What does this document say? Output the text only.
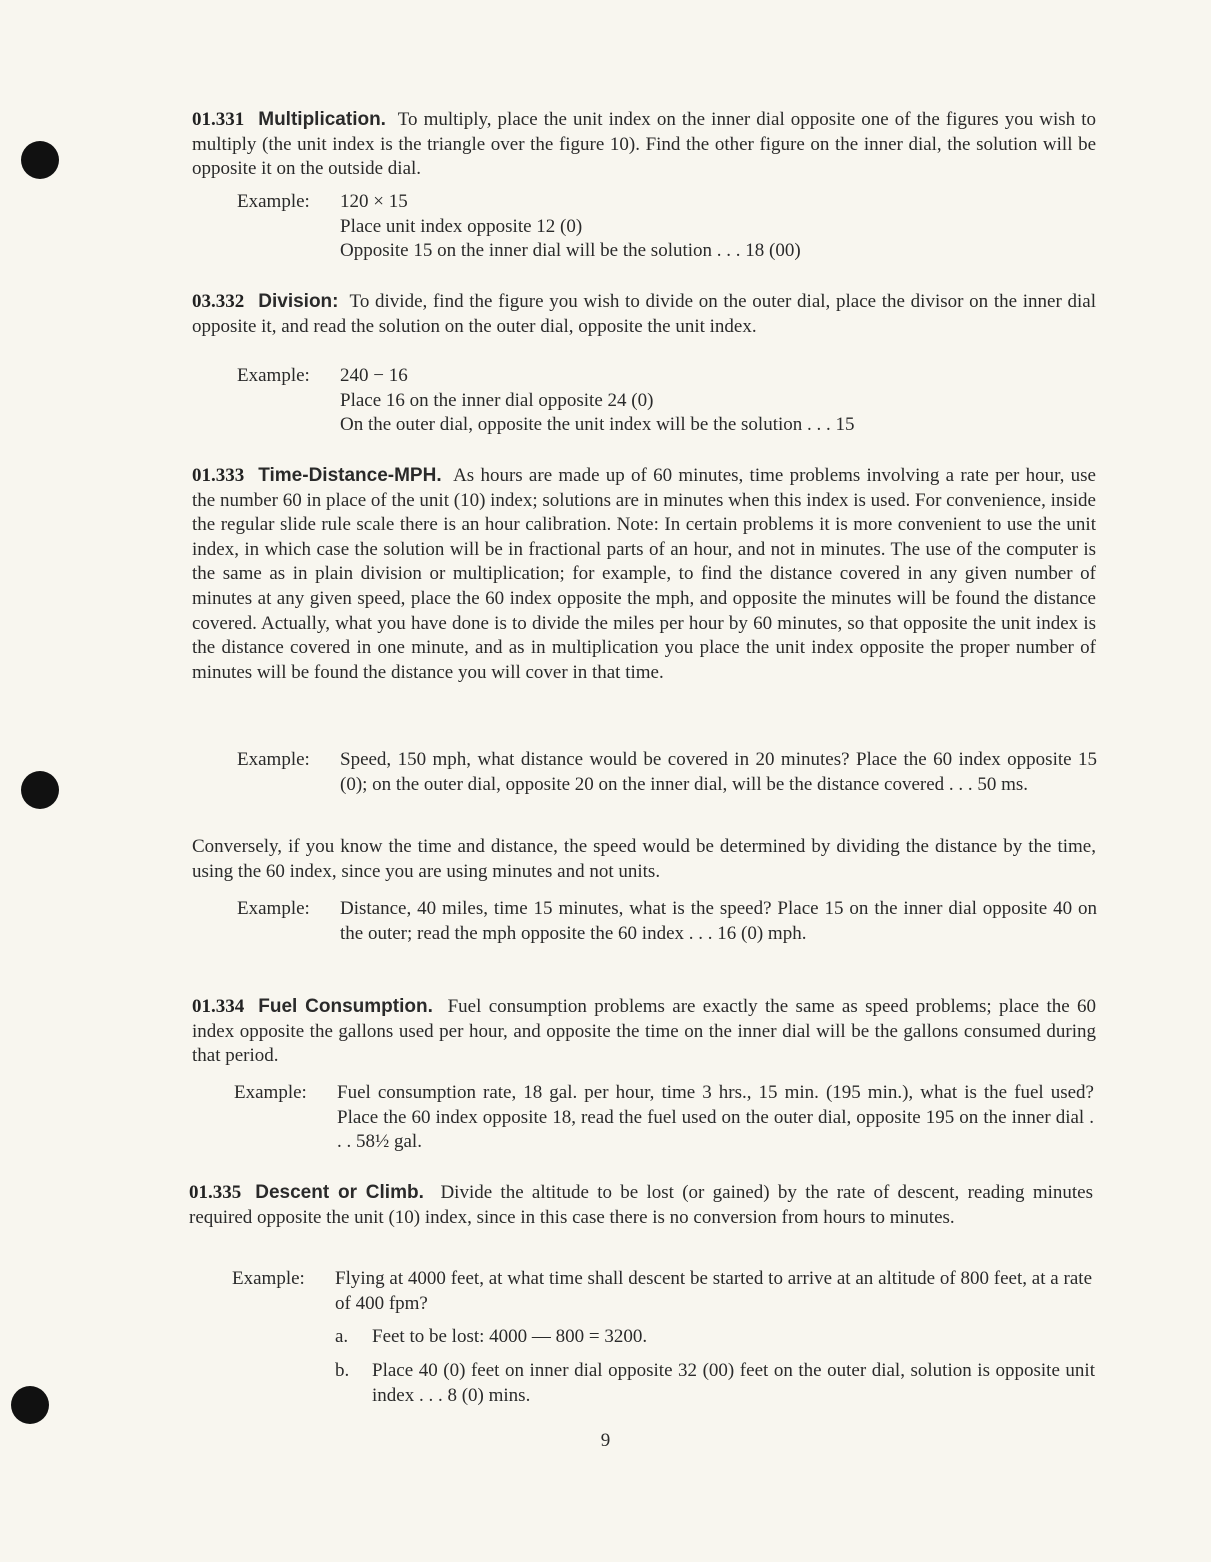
01.331 Multiplication. To multiply, place the unit index on the inner dial opposite one of the figures you wish to multiply (the unit index is the triangle over the figure 10). Find the other figure on the inner dial, the solution will be opposite it on the outside dial.
Example: 120 × 15
Place unit index opposite 12 (0)
Opposite 15 on the inner dial will be the solution . . . 18 (00)
03.332 Division: To divide, find the figure you wish to divide on the outer dial, place the divisor on the inner dial opposite it, and read the solution on the outer dial, opposite the unit index.
Example: 240 − 16
Place 16 on the inner dial opposite 24 (0)
On the outer dial, opposite the unit index will be the solution . . . 15
01.333 Time-Distance-MPH. As hours are made up of 60 minutes, time problems involving a rate per hour, use the number 60 in place of the unit (10) index; solutions are in minutes when this index is used. For convenience, inside the regular slide rule scale there is an hour calibration. Note: In certain problems it is more convenient to use the unit index, in which case the solution will be in fractional parts of an hour, and not in minutes. The use of the computer is the same as in plain division or multiplication; for example, to find the distance covered in any given number of minutes at any given speed, place the 60 index opposite the mph, and opposite the minutes will be found the distance covered. Actually, what you have done is to divide the miles per hour by 60 minutes, so that opposite the unit index is the distance covered in one minute, and as in multiplication you place the unit index opposite the proper number of minutes will be found the distance you will cover in that time.
Example: Speed, 150 mph, what distance would be covered in 20 minutes? Place the 60 index opposite 15 (0); on the outer dial, opposite 20 on the inner dial, will be the distance covered . . . 50 ms.
Conversely, if you know the time and distance, the speed would be determined by dividing the distance by the time, using the 60 index, since you are using minutes and not units.
Example: Distance, 40 miles, time 15 minutes, what is the speed? Place 15 on the inner dial opposite 40 on the outer; read the mph opposite the 60 index . . . 16 (0) mph.
01.334 Fuel Consumption. Fuel consumption problems are exactly the same as speed problems; place the 60 index opposite the gallons used per hour, and opposite the time on the inner dial will be the gallons consumed during that period.
Example: Fuel consumption rate, 18 gal. per hour, time 3 hrs., 15 min. (195 min.), what is the fuel used? Place the 60 index opposite 18, read the fuel used on the outer dial, opposite 195 on the inner dial . . . 58½ gal.
01.335 Descent or Climb. Divide the altitude to be lost (or gained) by the rate of descent, reading minutes required opposite the unit (10) index, since in this case there is no conversion from hours to minutes.
Example: Flying at 4000 feet, at what time shall descent be started to arrive at an altitude of 800 feet, at a rate of 400 fpm?
a. Feet to be lost: 4000 — 800 = 3200.
b. Place 40 (0) feet on inner dial opposite 32 (00) feet on the outer dial, solution is opposite unit index . . . 8 (0) mins.
9
